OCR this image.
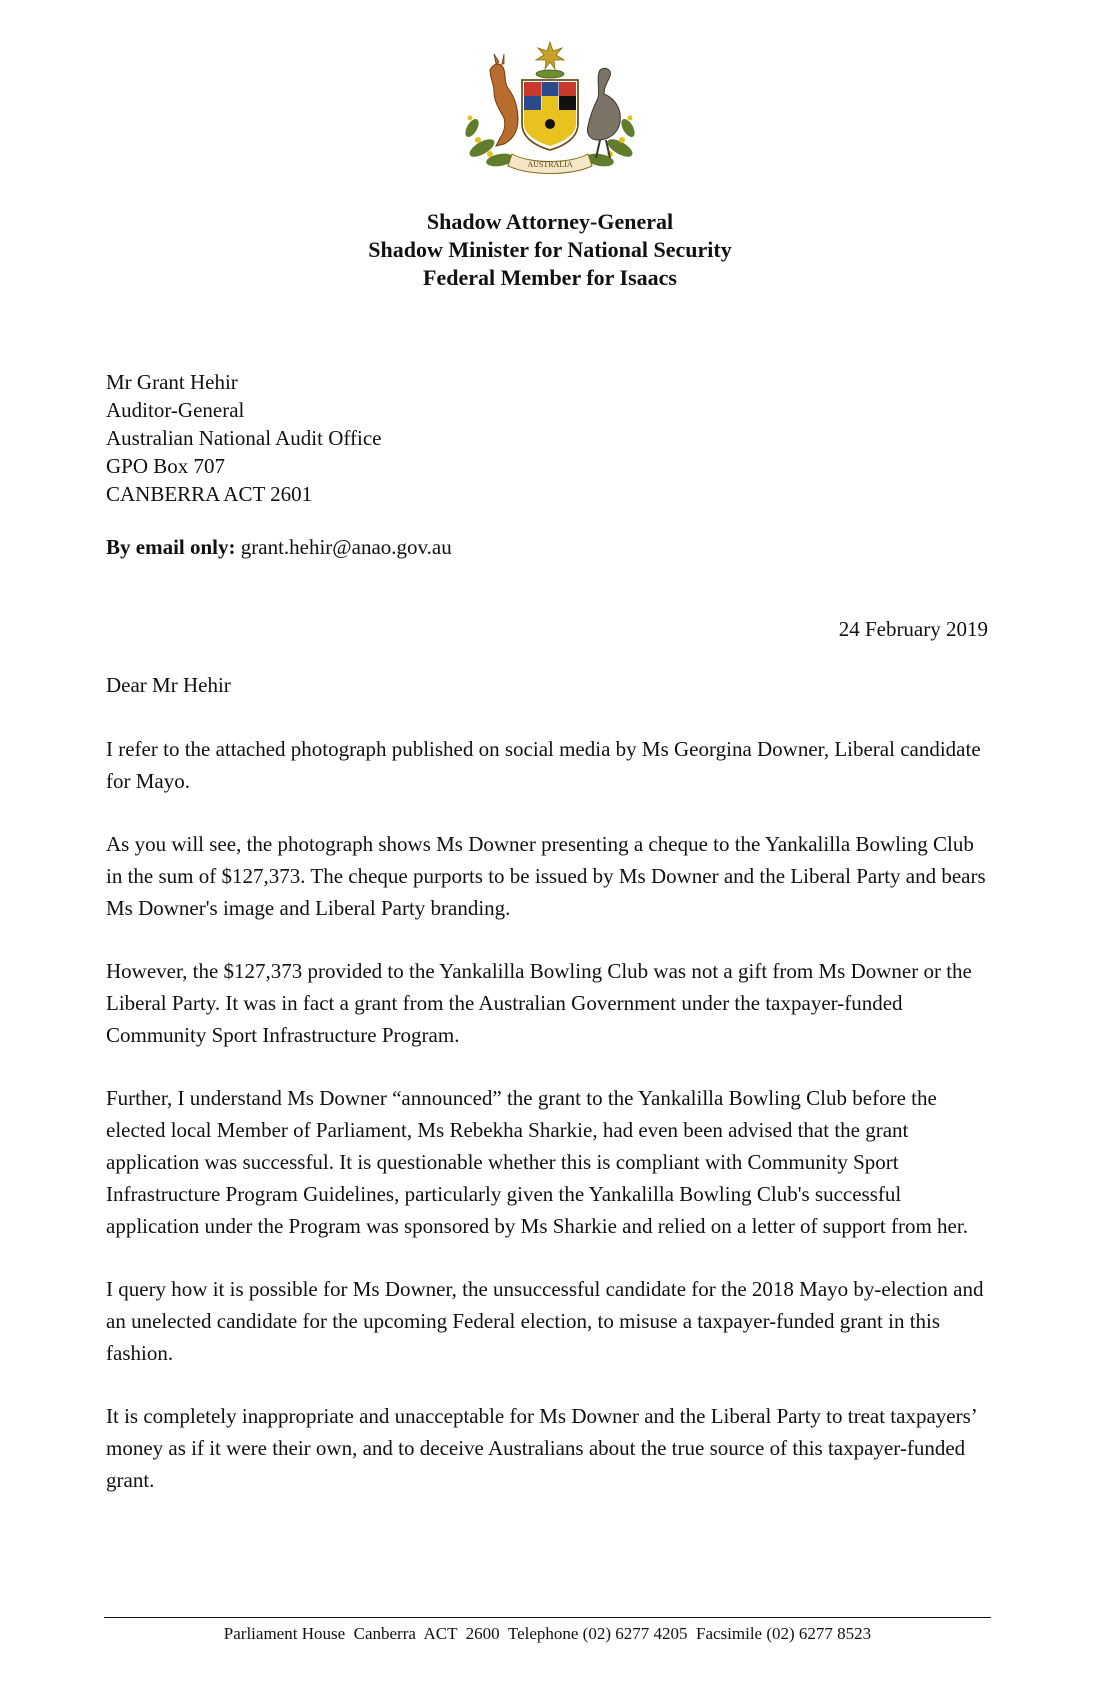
AUSTRALIA
Shadow Attorney-General
Shadow Minister for National Security
Federal Member for Isaacs
Mr Grant Hehir
Auditor-General
Australian National Audit Office
GPO Box 707
CANBERRA ACT 2601
By email only: grant.hehir@anao.gov.au
24 February 2019
Dear Mr Hehir

I refer to the attached photograph published on social media by Ms Georgina Downer, Liberal candidate for Mayo.

As you will see, the photograph shows Ms Downer presenting a cheque to the Yankalilla Bowling Club in the sum of $127,373. The cheque purports to be issued by Ms Downer and the Liberal Party and bears Ms Downer's image and Liberal Party branding.

However, the $127,373 provided to the Yankalilla Bowling Club was not a gift from Ms Downer or the Liberal Party. It was in fact a grant from the Australian Government under the taxpayer-funded Community Sport Infrastructure Program.

Further, I understand Ms Downer “announced” the grant to the Yankalilla Bowling Club before the elected local Member of Parliament, Ms Rebekha Sharkie, had even been advised that the grant application was successful. It is questionable whether this is compliant with Community Sport Infrastructure Program Guidelines, particularly given the Yankalilla Bowling Club's successful application under the Program was sponsored by Ms Sharkie and relied on a letter of support from her.

I query how it is possible for Ms Downer, the unsuccessful candidate for the 2018 Mayo by-election and an unelected candidate for the upcoming Federal election, to misuse a taxpayer-funded grant in this fashion.

It is completely inappropriate and unacceptable for Ms Downer and the Liberal Party to treat taxpayers’ money as if it were their own, and to deceive Australians about the true source of this taxpayer-funded grant.

Parliament House  Canberra  ACT  2600  Telephone (02) 6277 4205  Facsimile (02) 6277 8523
